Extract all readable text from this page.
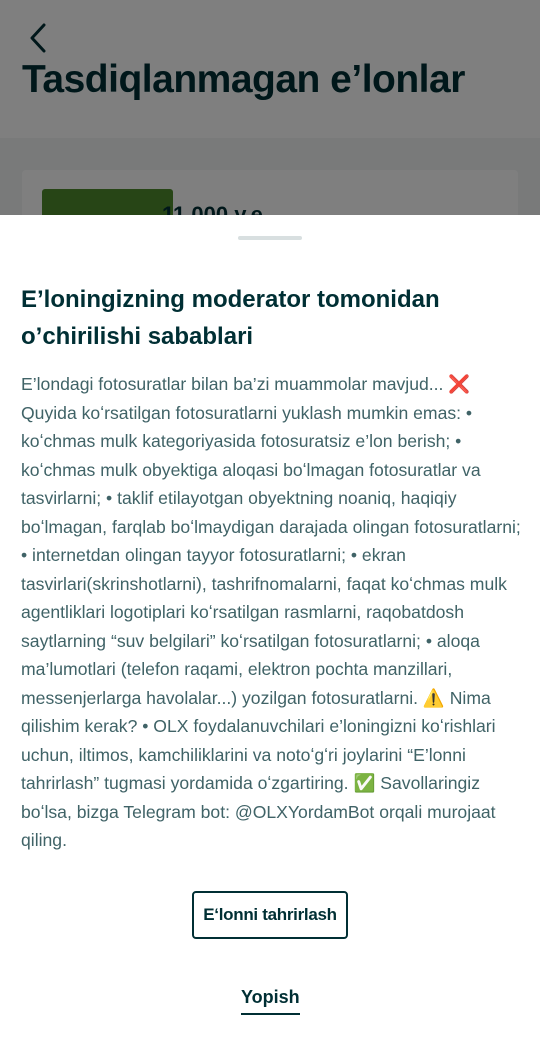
E’loningizning moderator tomonidan o’chirilishi sabablari

E’londagi fotosuratlar bilan ba’zi muammolar mavjud... ❌ Quyida koʻrsatilgan fotosuratlarni yuklash mumkin emas: • koʻchmas mulk kategoriyasida fotosuratsiz e’lon berish; • koʻchmas mulk obyektiga aloqasi boʻlmagan fotosuratlar va tasvirlarni; • taklif etilayotgan obyektning noaniq, haqiqiy boʻlmagan, farqlab boʻlmaydigan darajada olingan fotosuratlarni; • internetdan olingan tayyor fotosuratlarni; • ekran tasvirlari(skrinshotlarni), tashrifnomalarni, faqat koʻchmas mulk agentliklari logotiplari koʻrsatilgan rasmlarni, raqobatdosh saytlarning “suv belgilari” koʻrsatilgan fotosuratlarni; • aloqa ma’lumotlari (telefon raqami, elektron pochta manzillari, messenjerlarga havolalar...) yozilgan fotosuratlarni. ⚠️ Nima qilishim kerak? • OLX foydalanuvchilari e’loningizni koʻrishlari uchun, iltimos, kamchiliklarini va notoʻgʻri joylarini “E’lonni tahrirlash” tugmasi yordamida oʻzgartiring. ✅ Savollaringiz boʻlsa, bizga Telegram bot: @OLXYordamBot orqali murojaat qiling.

E‘lonni tahrirlash
Yopish
